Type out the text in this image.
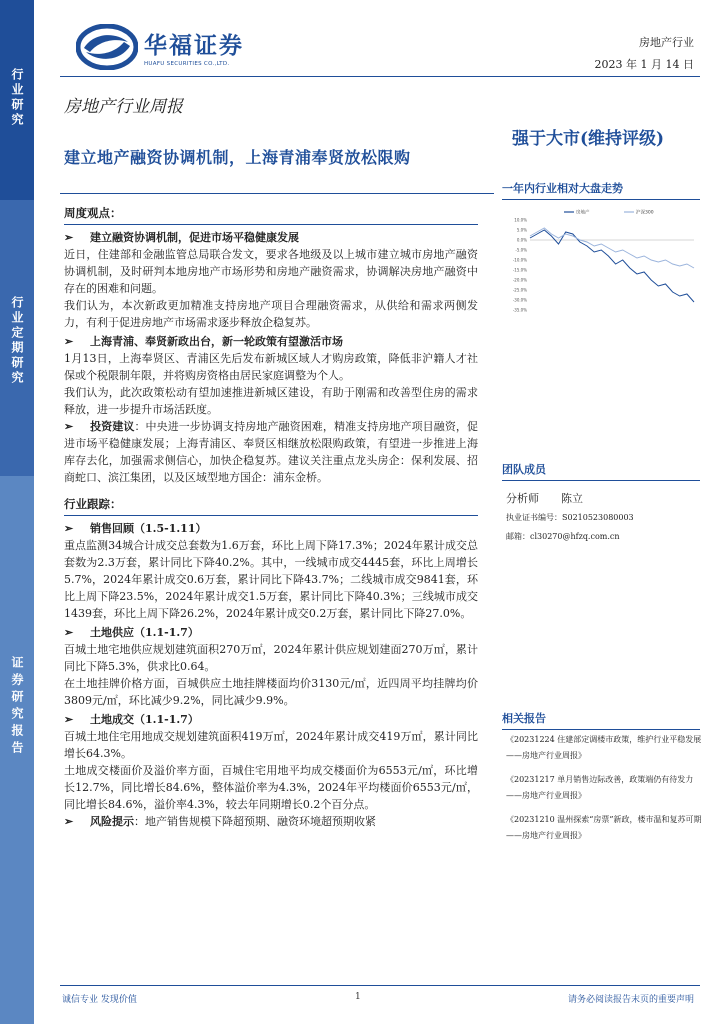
行业研究
行业定期研究
证券研究报告
华福证券
HUAFU SECURITIES CO.,LTD.
房地产行业
2023 年 1 月 14 日
房地产行业周报
强于大市(维持评级)
建立地产融资协调机制，上海青浦奉贤放松限购
周度观点：
➢ 建立融资协调机制，促进市场平稳健康发展
近日，住建部和金融监管总局联合发文，要求各地级及以上城市建立城市房地产融资协调机制，及时研判本地房地产市场形势和房地产融资需求，协调解决房地产融资中存在的困难和问题。
我们认为，本次新政更加精准支持房地产项目合理融资需求，从供给和需求两侧发力，有利于促进房地产市场需求逐步释放企稳复苏。
➢ 上海青浦、奉贤新政出台，新一轮政策有望激活市场
1月13日，上海奉贤区、青浦区先后发布新城区域人才购房政策，降低非沪籍人才社保或个税限制年限，并将购房资格由居民家庭调整为个人。
我们认为，此次政策松动有望加速推进新城区建设，有助于刚需和改善型住房的需求释放，进一步提升市场活跃度。
➢ 投资建议：中央进一步协调支持房地产融资困难，精准支持房地产项目融资，促进市场平稳健康发展；上海青浦区、奉贤区相继放松限购政策，有望进一步推进上海库存去化，加强需求侧信心，加快企稳复苏。建议关注重点龙头房企：保利发展、招商蛇口、滨江集团，以及区域型地方国企：浦东金桥。
行业跟踪：
➢ 销售回顾（1.5-1.11）
重点监测34城合计成交总套数为1.6万套，环比上周下降17.3%；2024年累计成交总套数为2.3万套，累计同比下降40.2%。其中，一线城市成交4445套，环比上周增长5.7%，2024年累计成交0.6万套，累计同比下降43.7%；二线城市成交9841套，环比上周下降23.5%，2024年累计成交1.5万套，累计同比下降40.3%；三线城市成交1439套，环比上周下降26.2%，2024年累计成交0.2万套，累计同比下降27.0%。
➢ 土地供应（1.1-1.7）
百城土地宅地供应规划建筑面积270万㎡，2024年累计供应规划建面270万㎡，累计同比下降5.3%，供求比0.64。
在土地挂牌价格方面，百城供应土地挂牌楼面均价3130元/㎡，近四周平均挂牌均价3809元/㎡，环比减少9.2%，同比减少9.9%。
➢ 土地成交（1.1-1.7）
百城土地住宅用地成交规划建筑面积419万㎡，2024年累计成交419万㎡，累计同比增长64.3%。
土地成交楼面价及溢价率方面，百城住宅用地平均成交楼面价为6553元/㎡，环比增长12.7%，同比增长84.6%，整体溢价率为4.3%，2024年平均楼面价6553元/㎡，同比增长84.6%，溢价率4.3%，较去年同期增长0.2个百分点。
➢ 风险提示：地产销售规模下降超预期、融资环境超预期收紧
一年内行业相对大盘走势
10.0%
5.0%
0.0%
-5.0%
-10.0%
-15.0%
-20.0%
-25.0%
-30.0%
-35.0%
房地产	沪深300
团队成员
分析师 陈立
执业证书编号：S0210523080003
邮箱：cl30270@hfzq.com.cn
相关报告
《20231224 住建部定调楼市政策，维护行业平稳发展——房地产行业周报》
《20231217 单月销售边际改善，政策端仍有待发力——房地产行业周报》
《20231210 温州探索“房票”新政，楼市温和复苏可期——房地产行业周报》
诚信专业 发现价值	1	请务必阅读报告末页的重要声明
